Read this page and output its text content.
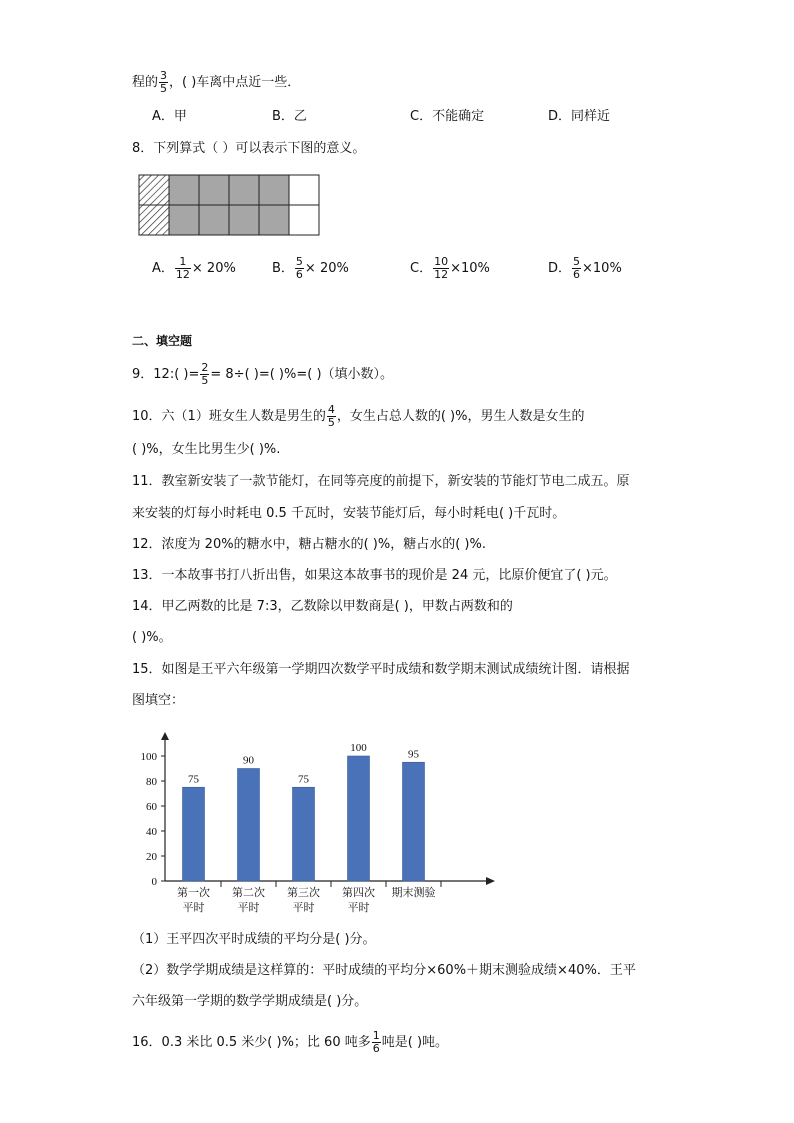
程的 $\frac{3}{5}$ ，( )车离中点近一些．
A．甲	B．乙	C．不能确定	D．同样近
8．下列算式（ ）可以表示下图的意义。
A． $\frac{1}{12} \times 20\%$	B． $\frac{5}{6} \times 20\%$	C． $\frac{10}{12} \times 10\%$	D． $\frac{5}{6} \times 10\%$
二、填空题
9．12:( )= $\frac{2}{5} = 8\div$( )=( )%=( )（填小数）。
10．六（1）班女生人数是男生的 $\frac{4}{5}$ ，女生占总人数的( )%，男生人数是女生的
( )%，女生比男生少( )%.
11．教室新安装了一款节能灯，在同等亮度的前提下，新安装的节能灯节电二成五。原
来安装的灯每小时耗电 0.5 千瓦时，安装节能灯后，每小时耗电( )千瓦时。
12．浓度为 20%的糖水中，糖占糖水的( )%，糖占水的( )%.
13．一本故事书打八折出售，如果这本故事书的现价是 24 元，比原价便宜了( )元。
14．甲乙两数的比是 7:3，乙数除以甲数商是( )，甲数占两数和的
( )%。
15．如图是王平六年级第一学期四次数学平时成绩和数学期末测试成绩统计图．请根据
图填空：
0
20
40
60
80
100
75
第一次
平时
90
第二次
平时
75
第三次
平时
100
第四次
平时
95
期末测验
（1）王平四次平时成绩的平均分是( )分。
（2）数学学期成绩是这样算的：平时成绩的平均分×60%＋期末测验成绩×40%．王平
六年级第一学期的数学学期成绩是( )分。
16．0.3 米比 0.5 米少( )%；比 60 吨多 $\frac{1}{6}$ 吨是( )吨。
